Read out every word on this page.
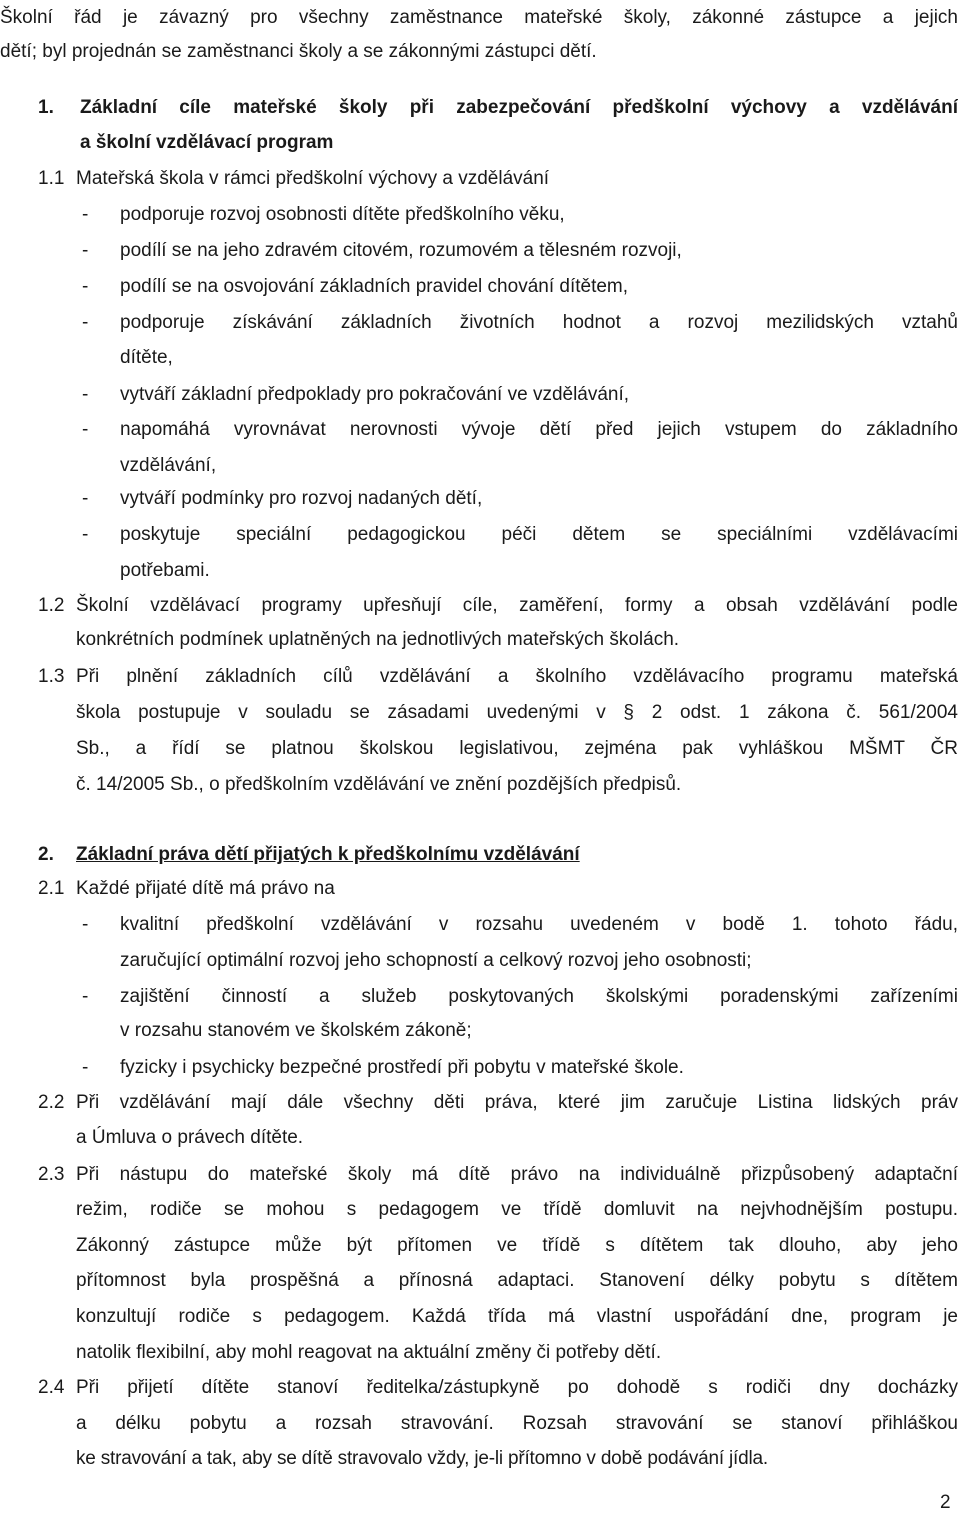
Školní řád je závazný pro všechny zaměstnance mateřské školy, zákonné zástupce a jejich
dětí; byl projednán se zaměstnanci školy a se zákonnými zástupci dětí.
1. Základní cíle mateřské školy při zabezpečování předškolní výchovy a vzdělávání
a školní vzdělávací program
1.1 Mateřská škola v rámci předškolní výchovy a vzdělávání
- podporuje rozvoj osobnosti dítěte předškolního věku,
- podílí se na jeho zdravém citovém, rozumovém a tělesném rozvoji,
- podílí se na osvojování základních pravidel chování dítětem,
- podporuje získávání základních životních hodnot a rozvoj mezilidských vztahů
dítěte,
- vytváří základní předpoklady pro pokračování ve vzdělávání,
- napomáhá vyrovnávat nerovnosti vývoje dětí před jejich vstupem do základního
vzdělávání,
- vytváří podmínky pro rozvoj nadaných dětí,
- poskytuje speciální pedagogickou péči dětem se speciálními vzdělávacími
potřebami.
1.2 Školní vzdělávací programy upřesňují cíle, zaměření, formy a obsah vzdělávání podle
konkrétních podmínek uplatněných na jednotlivých mateřských školách.
1.3 Při plnění základních cílů vzdělávání a školního vzdělávacího programu mateřská
škola postupuje v souladu se zásadami uvedenými v § 2 odst. 1 zákona č. 561/2004
Sb., a řídí se platnou školskou legislativou, zejména pak vyhláškou MŠMT ČR
č. 14/2005 Sb., o předškolním vzdělávání ve znění pozdějších předpisů.
2. Základní práva dětí přijatých k předškolnímu vzdělávání
2.1 Každé přijaté dítě má právo na
- kvalitní předškolní vzdělávání v rozsahu uvedeném v bodě 1. tohoto řádu,
zaručující optimální rozvoj jeho schopností a celkový rozvoj jeho osobnosti;
- zajištění činností a služeb poskytovaných školskými poradenskými zařízeními
v rozsahu stanovém ve školském zákoně;
- fyzicky i psychicky bezpečné prostředí při pobytu v mateřské škole.
2.2 Při vzdělávání mají dále všechny děti práva, které jim zaručuje Listina lidských práv
a Úmluva o právech dítěte.
2.3 Při nástupu do mateřské školy má dítě právo na individuálně přizpůsobený adaptační
režim, rodiče se mohou s pedagogem ve třídě domluvit na nejvhodnějším postupu.
Zákonný zástupce může být přítomen ve třídě s dítětem tak dlouho, aby jeho
přítomnost byla prospěšná a přínosná adaptaci. Stanovení délky pobytu s dítětem
konzultují rodiče s pedagogem. Každá třída má vlastní uspořádání dne, program je
natolik flexibilní, aby mohl reagovat na aktuální změny či potřeby dětí.
2.4 Při přijetí dítěte stanoví ředitelka/zástupkyně po dohodě s rodiči dny docházky
a délku pobytu a rozsah stravování. Rozsah stravování se stanoví přihláškou
ke stravování a tak, aby se dítě stravovalo vždy, je-li přítomno v době podávání jídla.
2
